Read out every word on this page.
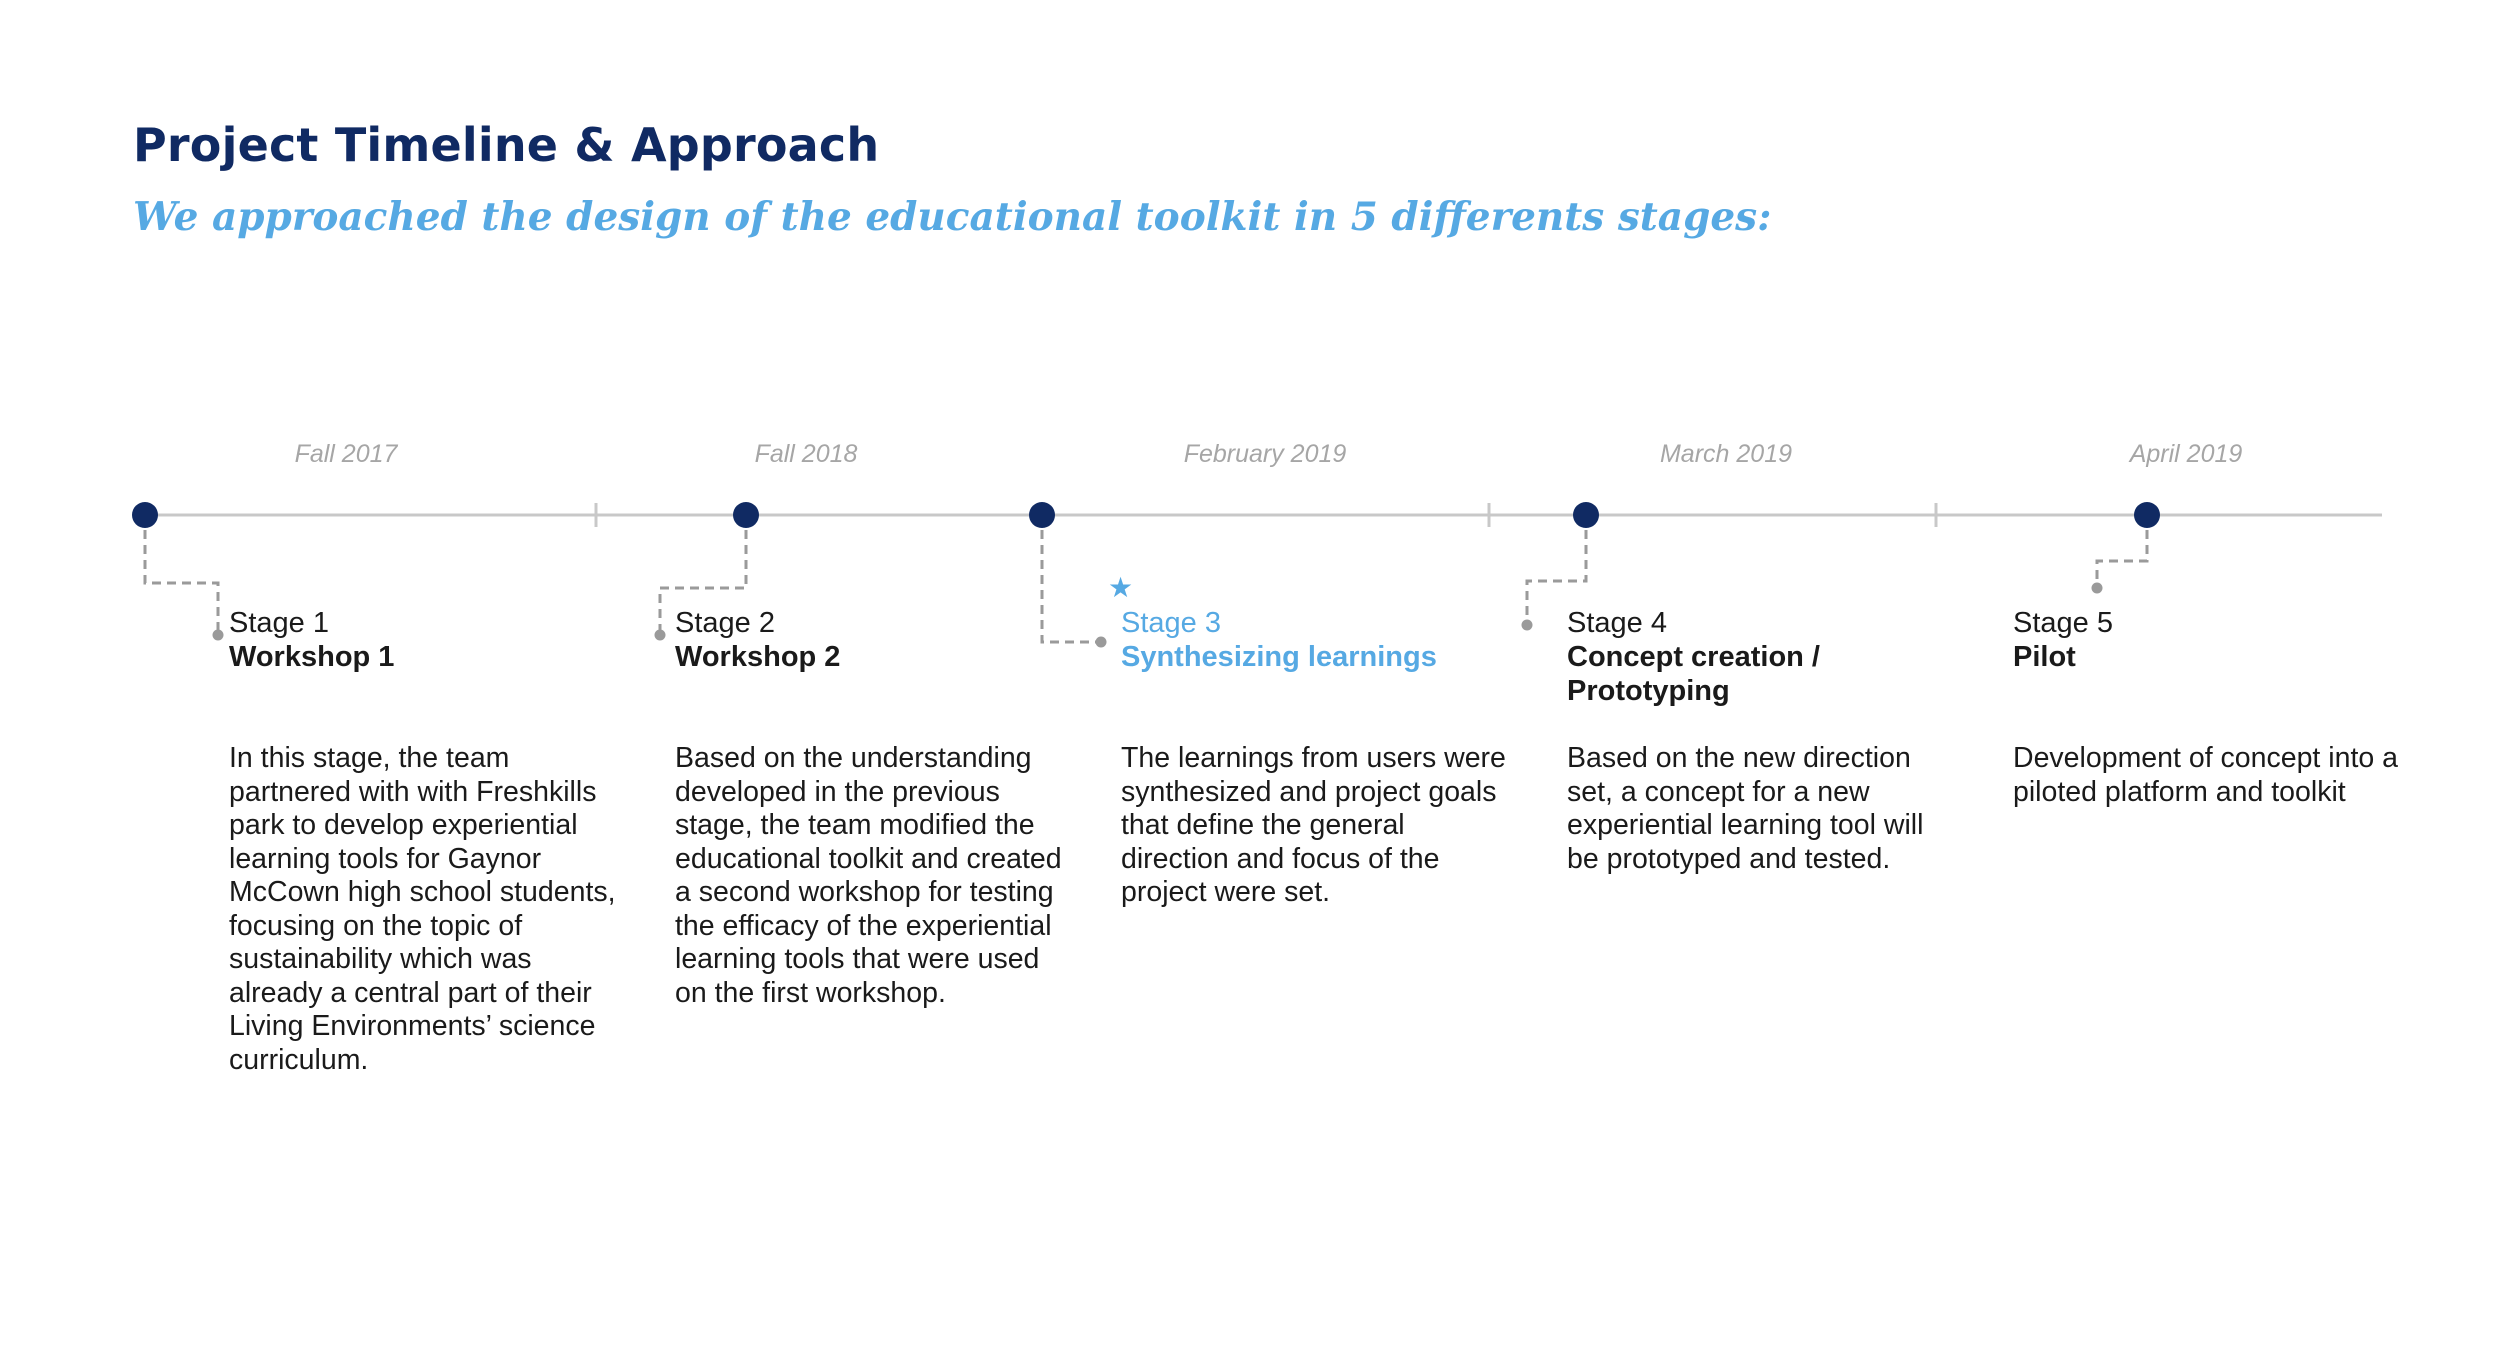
Project Timeline & Approach
We approached the design of the educational toolkit in 5 differents stages:
Fall 2017	Fall 2018	February 2019	March 2019	April 2019
★
Stage 1
Workshop 1
Stage 2
Workshop 2
Stage 3
Synthesizing learnings
Stage 4
Concept creation /
Prototyping
Stage 5
Pilot
In this stage, the team partnered with with Freshkills park to develop experiential learning tools for Gaynor McCown high school students, focusing on the topic of sustainability which was already a central part of their Living Environments’ science curriculum.
Based on the understanding developed in the previous stage, the team modified the educational toolkit and created a second workshop for testing the efficacy of the experiential learning tools that were used on the first workshop.
The learnings from users were synthesized and project goals that define the general direction and focus of the project were set.
Based on the new direction set, a concept for a new experiential learning tool will be prototyped and tested.
Development of concept into a piloted platform and toolkit
